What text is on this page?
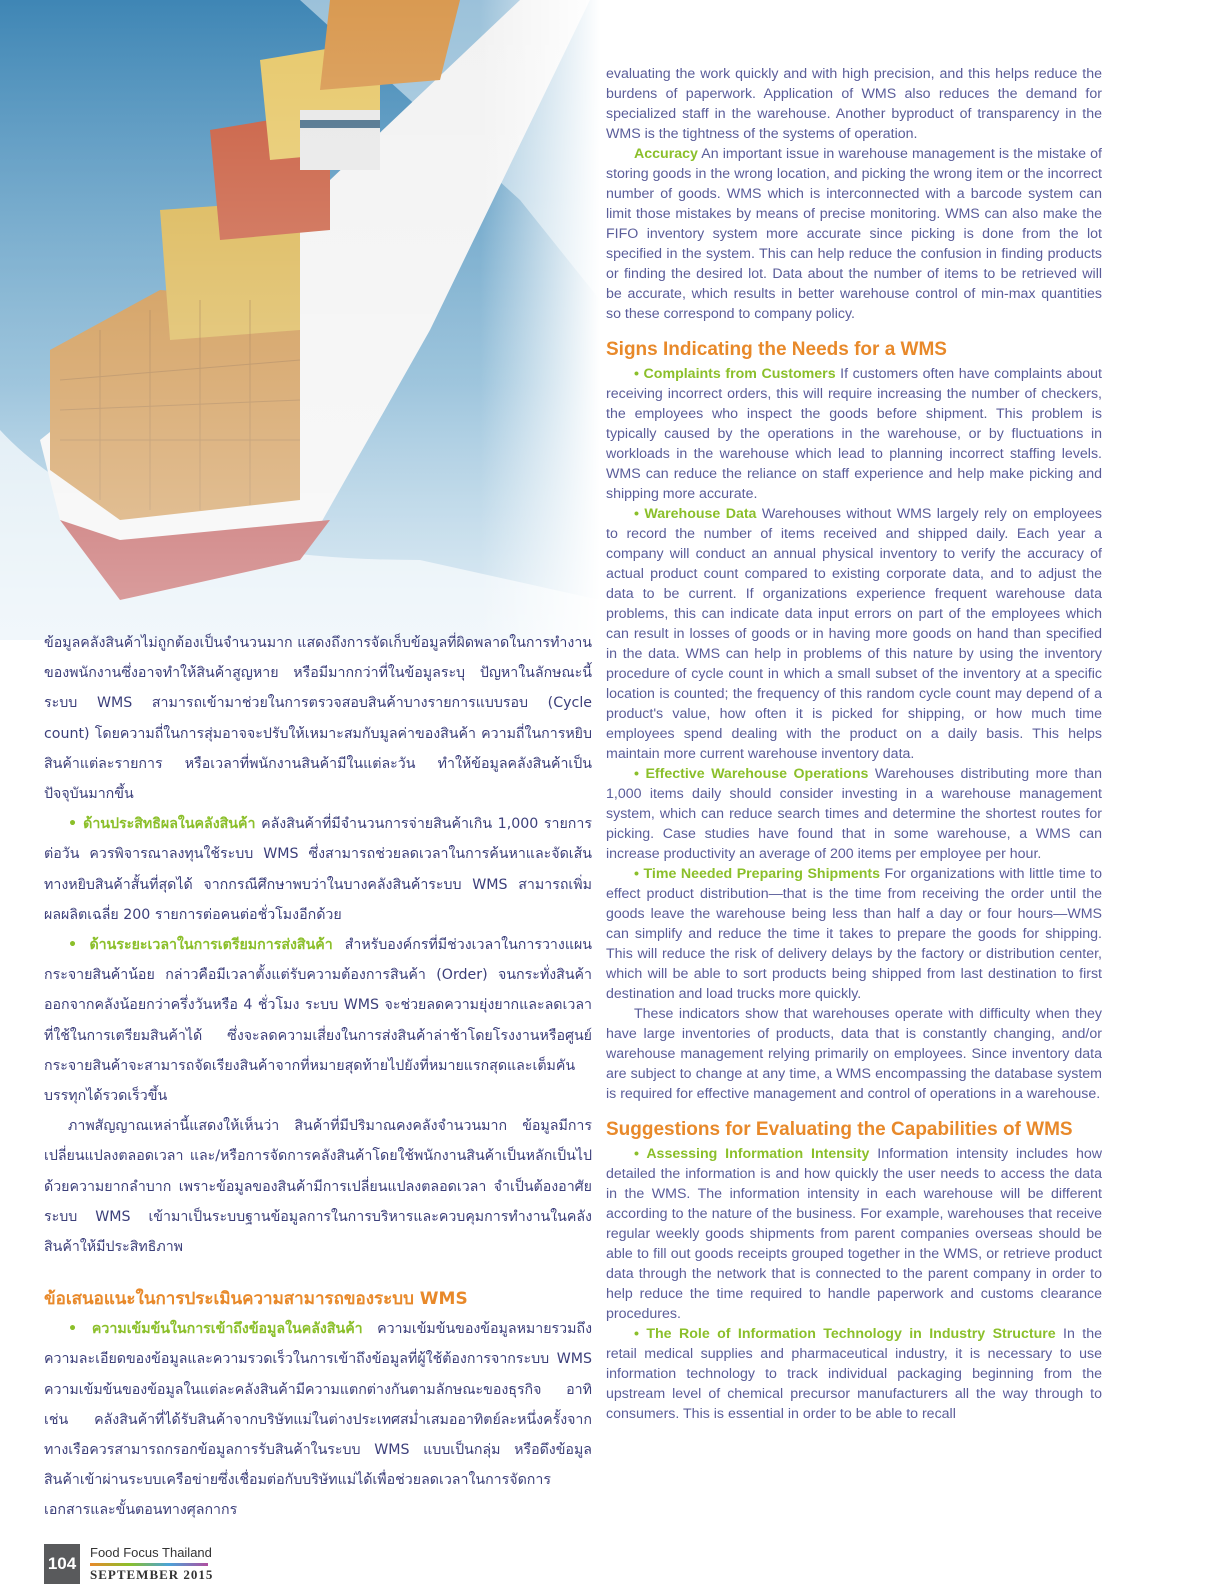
ข้อมูลคลังสินค้าไม่ถูกต้องเป็นจำนวนมาก แสดงถึงการจัดเก็บข้อมูลที่ผิดพลาดในการทำงานของพนักงานซึ่งอาจทำให้สินค้าสูญหาย หรือมีมากกว่าที่ในข้อมูลระบุ ปัญหาในลักษณะนี้ระบบ WMS สามารถเข้ามาช่วยในการตรวจสอบสินค้าบางรายการแบบรอบ (Cycle count) โดยความถี่ในการสุ่มอาจจะปรับให้เหมาะสมกับมูลค่าของสินค้า ความถี่ในการหยิบสินค้าแต่ละรายการ หรือเวลาที่พนักงานสินค้ามีในแต่ละวัน ทำให้ข้อมูลคลังสินค้าเป็นปัจจุบันมากขึ้น

• ด้านประสิทธิผลในคลังสินค้า คลังสินค้าที่มีจำนวนการจ่ายสินค้าเกิน 1,000 รายการต่อวัน ควรพิจารณาลงทุนใช้ระบบ WMS ซึ่งสามารถช่วยลดเวลาในการค้นหาและจัดเส้นทางหยิบสินค้าสั้นที่สุดได้ จากกรณีศึกษาพบว่าในบางคลังสินค้าระบบ WMS สามารถเพิ่มผลผลิตเฉลี่ย 200 รายการต่อคนต่อชั่วโมงอีกด้วย

• ด้านระยะเวลาในการเตรียมการส่งสินค้า สำหรับองค์กรที่มีช่วงเวลาในการวางแผนกระจายสินค้าน้อย กล่าวคือมีเวลาตั้งแต่รับความต้องการสินค้า (Order) จนกระทั่งสินค้าออกจากคลังน้อยกว่าครึ่งวันหรือ 4 ชั่วโมง ระบบ WMS จะช่วยลดความยุ่งยากและลดเวลาที่ใช้ในการเตรียมสินค้าได้ ซึ่งจะลดความเสี่ยงในการส่งสินค้าล่าช้าโดยโรงงานหรือศูนย์กระจายสินค้าจะสามารถจัดเรียงสินค้าจากที่หมายสุดท้ายไปยังที่หมายแรกสุดและเต็มคันบรรทุกได้รวดเร็วขึ้น

ภาพสัญญาณเหล่านี้แสดงให้เห็นว่า สินค้าที่มีปริมาณคงคลังจำนวนมาก ข้อมูลมีการเปลี่ยนแปลงตลอดเวลา และ/หรือการจัดการคลังสินค้าโดยใช้พนักงานสินค้าเป็นหลักเป็นไปด้วยความยากลำบาก เพราะข้อมูลของสินค้ามีการเปลี่ยนแปลงตลอดเวลา จำเป็นต้องอาศัยระบบ WMS เข้ามาเป็นระบบฐานข้อมูลการในการบริหารและควบคุมการทำงานในคลังสินค้าให้มีประสิทธิภาพ

ข้อเสนอแนะในการประเมินความสามารถของระบบ WMS

• ความเข้มข้นในการเข้าถึงข้อมูลในคลังสินค้า ความเข้มข้นของข้อมูลหมายรวมถึงความละเอียดของข้อมูลและความรวดเร็วในการเข้าถึงข้อมูลที่ผู้ใช้ต้องการจากระบบ WMS ความเข้มข้นของข้อมูลในแต่ละคลังสินค้ามีความแตกต่างกันตามลักษณะของธุรกิจ อาทิเช่น คลังสินค้าที่ได้รับสินค้าจากบริษัทแม่ในต่างประเทศสม่ำเสมออาทิตย์ละหนึ่งครั้งจากทางเรือควรสามารถกรอกข้อมูลการรับสินค้าในระบบ WMS แบบเป็นกลุ่ม หรือดึงข้อมูลสินค้าเข้าผ่านระบบเครือข่ายซึ่งเชื่อมต่อกับบริษัทแม่ได้เพื่อช่วยลดเวลาในการจัดการเอกสารและขั้นตอนทางศุลกากร

evaluating the work quickly and with high precision, and this helps reduce the burdens of paperwork. Application of WMS also reduces the demand for specialized staff in the warehouse. Another byproduct of transparency in the WMS is the tightness of the systems of operation.

Accuracy An important issue in warehouse management is the mistake of storing goods in the wrong location, and picking the wrong item or the incorrect number of goods. WMS which is interconnected with a barcode system can limit those mistakes by means of precise monitoring. WMS can also make the FIFO inventory system more accurate since picking is done from the lot specified in the system. This can help reduce the confusion in finding products or finding the desired lot. Data about the number of items to be retrieved will be accurate, which results in better warehouse control of min-max quantities so these correspond to company policy.

Signs Indicating the Needs for a WMS

• Complaints from Customers If customers often have complaints about receiving incorrect orders, this will require increasing the number of checkers, the employees who inspect the goods before shipment. This problem is typically caused by the operations in the warehouse, or by fluctuations in workloads in the warehouse which lead to planning incorrect staffing levels. WMS can reduce the reliance on staff experience and help make picking and shipping more accurate.

• Warehouse Data Warehouses without WMS largely rely on employees to record the number of items received and shipped daily. Each year a company will conduct an annual physical inventory to verify the accuracy of actual product count compared to existing corporate data, and to adjust the data to be current. If organizations experience frequent warehouse data problems, this can indicate data input errors on part of the employees which can result in losses of goods or in having more goods on hand than specified in the data. WMS can help in problems of this nature by using the inventory procedure of cycle count in which a small subset of the inventory at a specific location is counted; the frequency of this random cycle count may depend of a product's value, how often it is picked for shipping, or how much time employees spend dealing with the product on a daily basis. This helps maintain more current warehouse inventory data.

• Effective Warehouse Operations Warehouses distributing more than 1,000 items daily should consider investing in a warehouse management system, which can reduce search times and determine the shortest routes for picking. Case studies have found that in some warehouse, a WMS can increase productivity an average of 200 items per employee per hour.

• Time Needed Preparing Shipments For organizations with little time to effect product distribution—that is the time from receiving the order until the goods leave the warehouse being less than half a day or four hours—WMS can simplify and reduce the time it takes to prepare the goods for shipping. This will reduce the risk of delivery delays by the factory or distribution center, which will be able to sort products being shipped from last destination to first destination and load trucks more quickly.

These indicators show that warehouses operate with difficulty when they have large inventories of products, data that is constantly changing, and/or warehouse management relying primarily on employees. Since inventory data are subject to change at any time, a WMS encompassing the database system is required for effective management and control of operations in a warehouse.

Suggestions for Evaluating the Capabilities of WMS

• Assessing Information Intensity Information intensity includes how detailed the information is and how quickly the user needs to access the data in the WMS. The information intensity in each warehouse will be different according to the nature of the business. For example, warehouses that receive regular weekly goods shipments from parent companies overseas should be able to fill out goods receipts grouped together in the WMS, or retrieve product data through the network that is connected to the parent company in order to help reduce the time required to handle paperwork and customs clearance procedures.

• The Role of Information Technology in Industry Structure In the retail medical supplies and pharmaceutical industry, it is necessary to use information technology to track individual packaging beginning from the upstream level of chemical precursor manufacturers all the way through to consumers. This is essential in order to be able to recall

104
Food Focus Thailand
SEPTEMBER 2015
